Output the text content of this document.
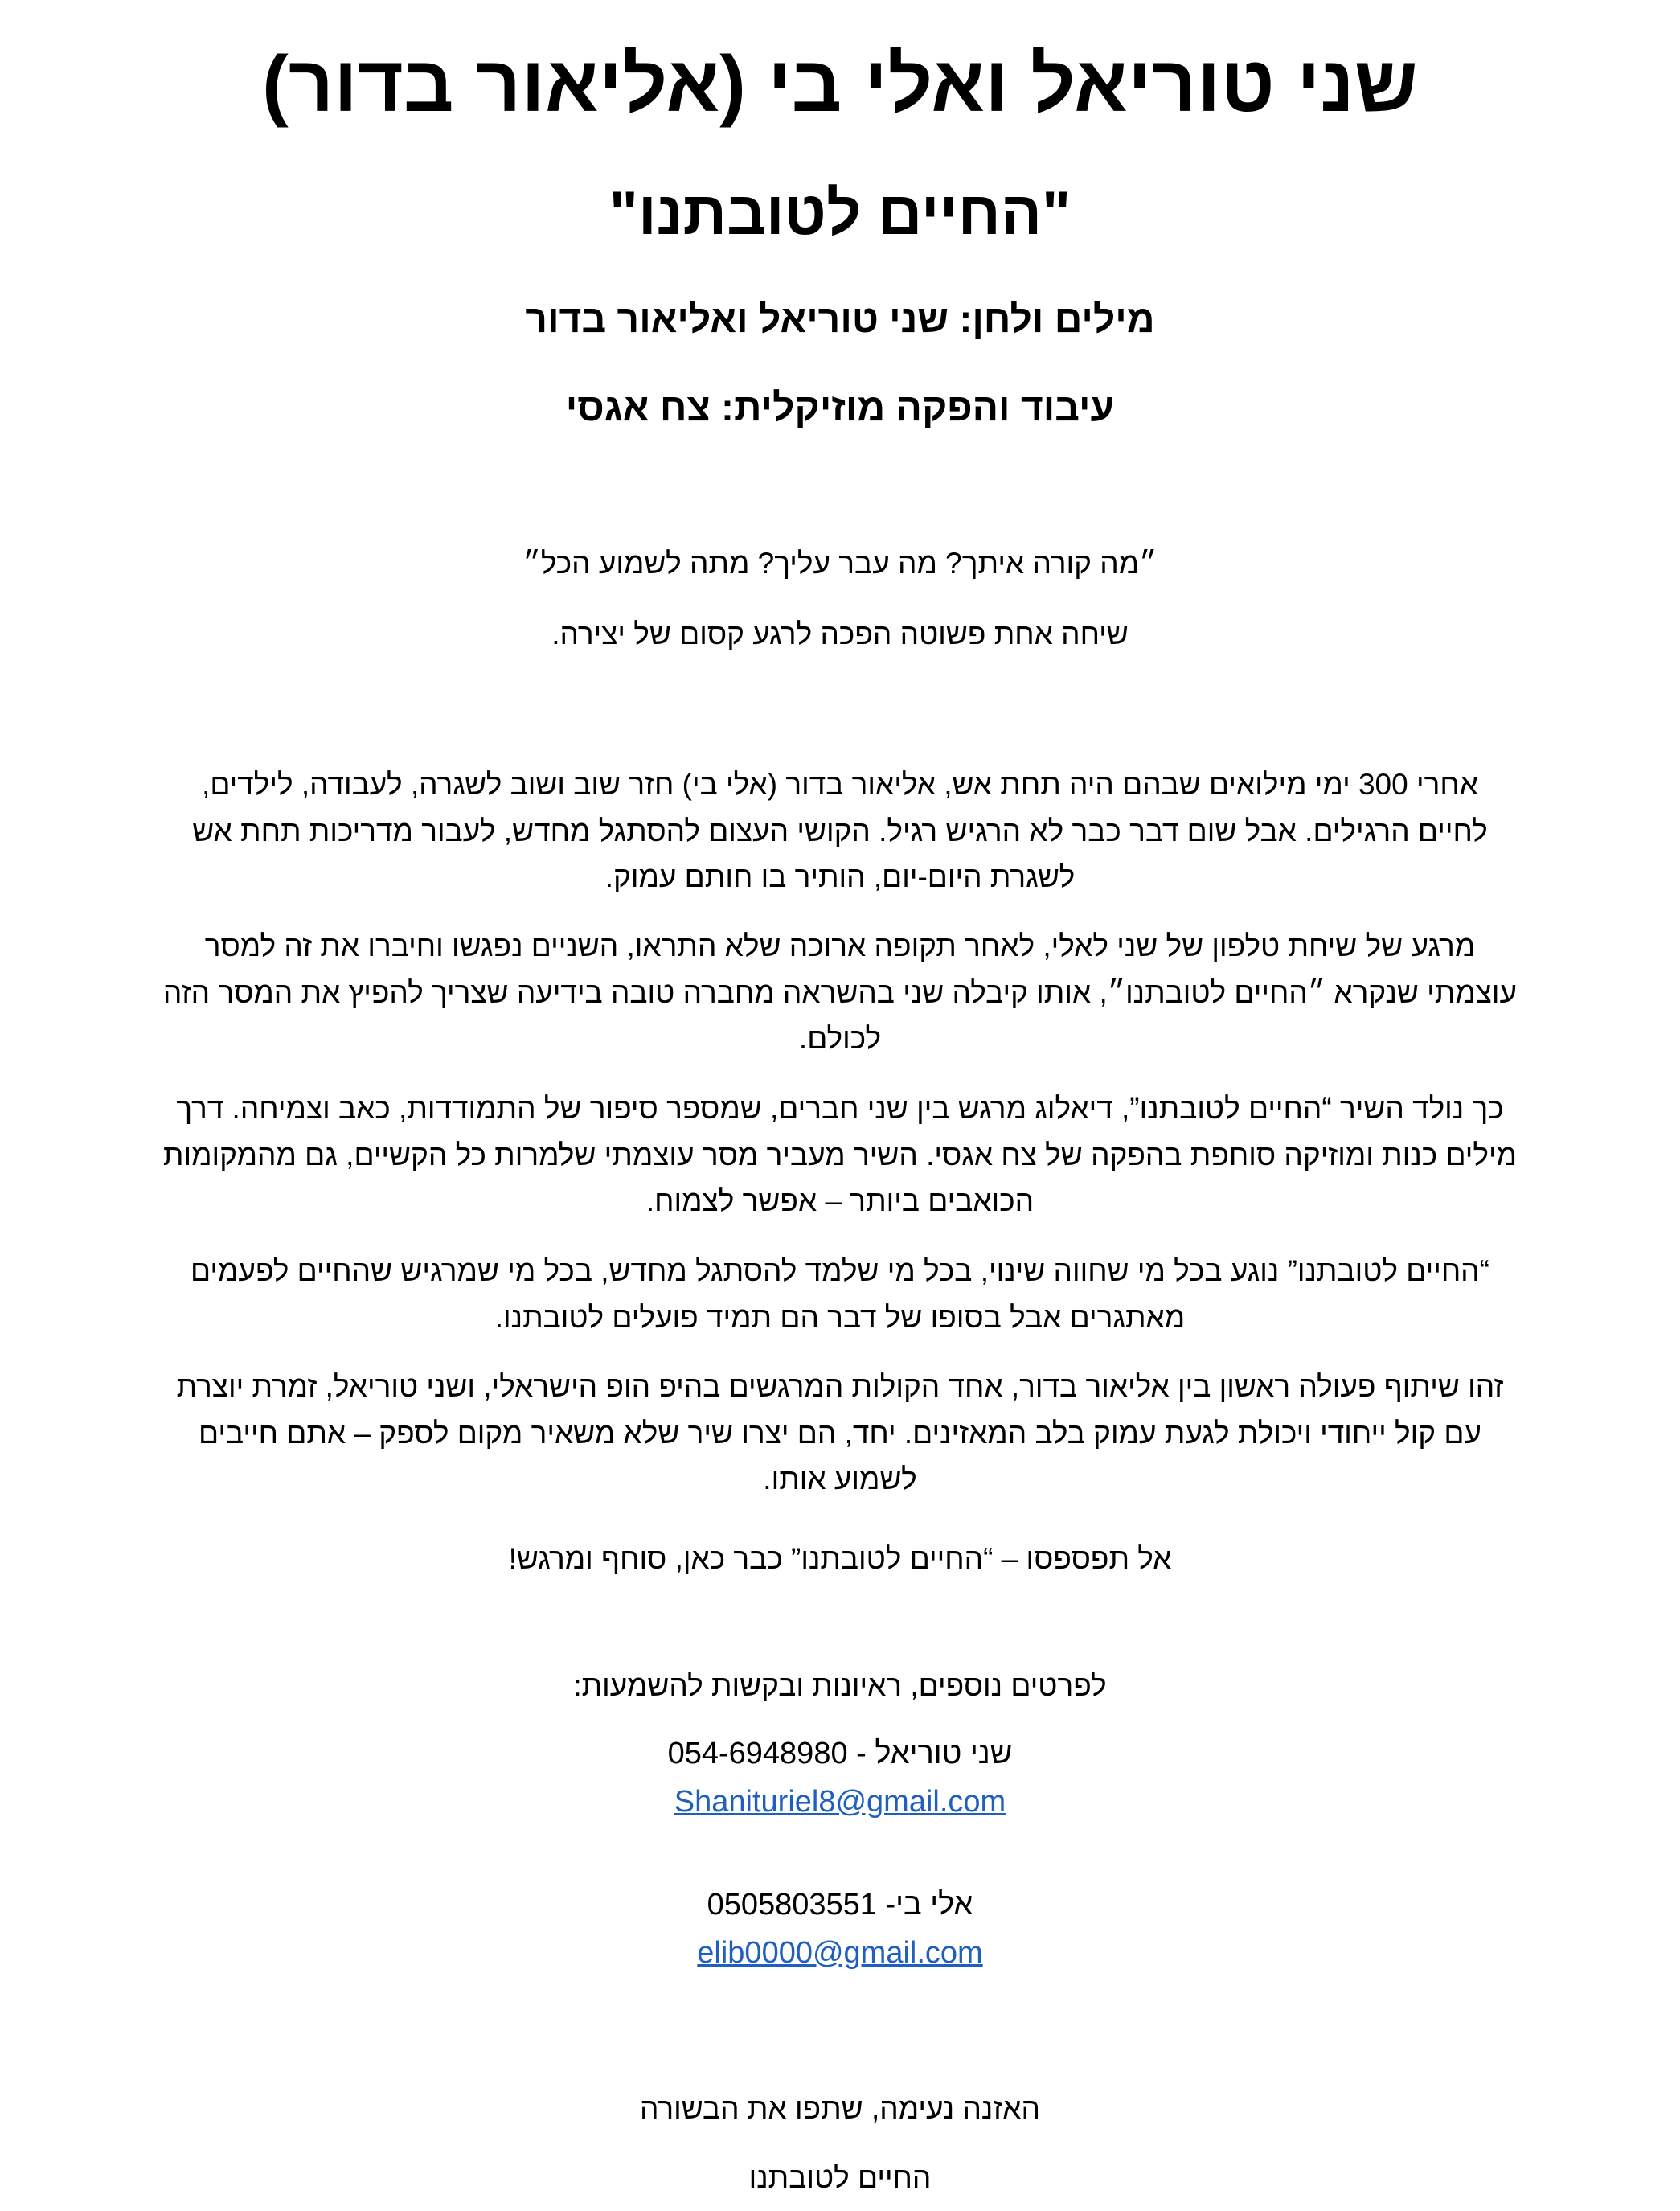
שני טוריאל ואלי בי (אליאור בדור)
"החיים לטובתנו"
מילים ולחן: שני טוריאל ואליאור בדור
עיבוד והפקה מוזיקלית: צח אגסי
״מה קורה איתך? מה עבר עליך? מתה לשמוע הכל״
שיחה אחת פשוטה הפכה לרגע קסום של יצירה.
אחרי 300 ימי מילואים שבהם היה תחת אש, אליאור בדור (אלי בי) חזר שוב ושוב לשגרה, לעבודה, לילדים,
לחיים הרגילים. אבל שום דבר כבר לא הרגיש רגיל. הקושי העצום להסתגל מחדש, לעבור מדריכות תחת אש
לשגרת היום-יום, הותיר בו חותם עמוק.
מרגע של שיחת טלפון של שני לאלי, לאחר תקופה ארוכה שלא התראו, השניים נפגשו וחיברו את זה למסר
עוצמתי שנקרא ״החיים לטובתנו״, אותו קיבלה שני בהשראה מחברה טובה בידיעה שצריך להפיץ את המסר הזה
לכולם.
כך נולד השיר “החיים לטובתנו”, דיאלוג מרגש בין שני חברים, שמספר סיפור של התמודדות, כאב וצמיחה. דרך
מילים כנות ומוזיקה סוחפת בהפקה של צח אגסי. השיר מעביר מסר עוצמתי שלמרות כל הקשיים, גם מהמקומות
הכואבים ביותר – אפשר לצמוח.
“החיים לטובתנו” נוגע בכל מי שחווה שינוי, בכל מי שלמד להסתגל מחדש, בכל מי שמרגיש שהחיים לפעמים
מאתגרים אבל בסופו של דבר הם תמיד פועלים לטובתנו.
זהו שיתוף פעולה ראשון בין אליאור בדור, אחד הקולות המרגשים בהיפ הופ הישראלי, ושני טוריאל, זמרת יוצרת
עם קול ייחודי ויכולת לגעת עמוק בלב המאזינים. יחד, הם יצרו שיר שלא משאיר מקום לספק – אתם חייבים
לשמוע אותו.
אל תפספסו – “החיים לטובתנו” כבר כאן, סוחף ומרגש!
לפרטים נוספים, ראיונות ובקשות להשמעות:
שני טוריאל - 054-6948980
Shanituriel8@gmail.com
אלי בי- 0505803551
elib0000@gmail.com
האזנה נעימה, שתפו את הבשורה
החיים לטובתנו
